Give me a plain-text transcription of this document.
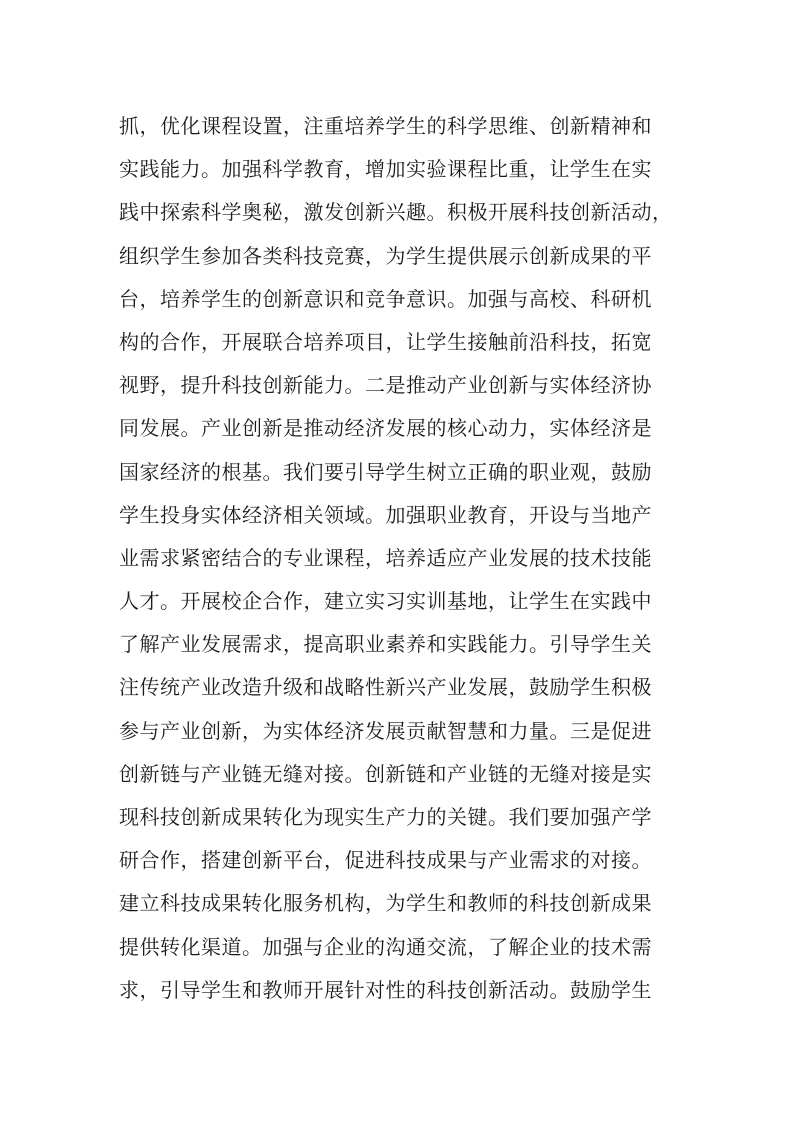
抓，优化课程设置，注重培养学生的科学思维、创新精神和
实践能力。加强科学教育，增加实验课程比重，让学生在实
践中探索科学奥秘，激发创新兴趣。积极开展科技创新活动，
组织学生参加各类科技竞赛，为学生提供展示创新成果的平
台，培养学生的创新意识和竞争意识。加强与高校、科研机
构的合作，开展联合培养项目，让学生接触前沿科技，拓宽
视野，提升科技创新能力。二是推动产业创新与实体经济协
同发展。产业创新是推动经济发展的核心动力，实体经济是
国家经济的根基。我们要引导学生树立正确的职业观，鼓励
学生投身实体经济相关领域。加强职业教育，开设与当地产
业需求紧密结合的专业课程，培养适应产业发展的技术技能
人才。开展校企合作，建立实习实训基地，让学生在实践中
了解产业发展需求，提高职业素养和实践能力。引导学生关
注传统产业改造升级和战略性新兴产业发展，鼓励学生积极
参与产业创新，为实体经济发展贡献智慧和力量。三是促进
创新链与产业链无缝对接。创新链和产业链的无缝对接是实
现科技创新成果转化为现实生产力的关键。我们要加强产学
研合作，搭建创新平台，促进科技成果与产业需求的对接。
建立科技成果转化服务机构，为学生和教师的科技创新成果
提供转化渠道。加强与企业的沟通交流，了解企业的技术需
求，引导学生和教师开展针对性的科技创新活动。鼓励学生
